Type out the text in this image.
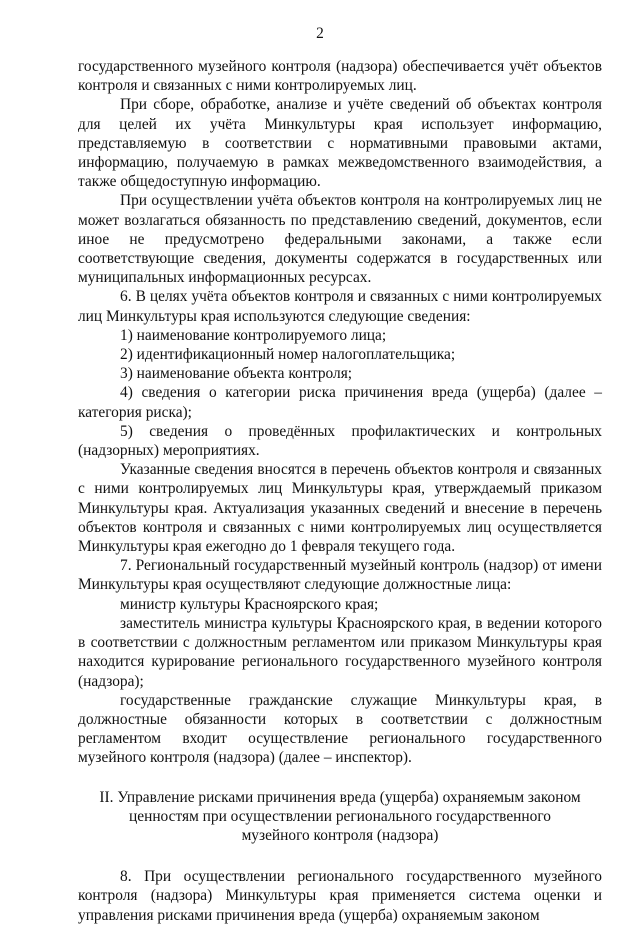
2

государственного музейного контроля (надзора) обеспечивается учёт объектов контроля и связанных с ними контролируемых лиц.

При сборе, обработке, анализе и учёте сведений об объектах контроля для целей их учёта Минкультуры края использует информацию, представляемую в соответствии с нормативными правовыми актами, информацию, получаемую в рамках межведомственного взаимодействия, а также общедоступную информацию.

При осуществлении учёта объектов контроля на контролируемых лиц не может возлагаться обязанность по представлению сведений, документов, если иное не предусмотрено федеральными законами, а также если соответствующие сведения, документы содержатся в государственных или муниципальных информационных ресурсах.

6. В целях учёта объектов контроля и связанных с ними контролируемых лиц Минкультуры края используются следующие сведения:

1) наименование контролируемого лица;

2) идентификационный номер налогоплательщика;

3) наименование объекта контроля;

4) сведения о категории риска причинения вреда (ущерба) (далее – категория риска);

5) сведения о проведённых профилактических и контрольных (надзорных) мероприятиях.

Указанные сведения вносятся в перечень объектов контроля и связанных с ними контролируемых лиц Минкультуры края, утверждаемый приказом Минкультуры края. Актуализация указанных сведений и внесение в перечень объектов контроля и связанных с ними контролируемых лиц осуществляется Минкультуры края ежегодно до 1 февраля текущего года.

7. Региональный государственный музейный контроль (надзор) от имени Минкультуры края осуществляют следующие должностные лица:

министр культуры Красноярского края;

заместитель министра культуры Красноярского края, в ведении которого в соответствии с должностным регламентом или приказом Минкультуры края находится курирование регионального государственного музейного контроля (надзора);

государственные гражданские служащие Минкультуры края, в должностные обязанности которых в соответствии с должностным регламентом входит осуществление регионального государственного музейного контроля (надзора) (далее – инспектор).

II. Управление рисками причинения вреда (ущерба) охраняемым законом

ценностям при осуществлении регионального государственного

музейного контроля (надзора)

8. При осуществлении регионального государственного музейного контроля (надзора) Минкультуры края применяется система оценки и управления рисками причинения вреда (ущерба) охраняемым законом
